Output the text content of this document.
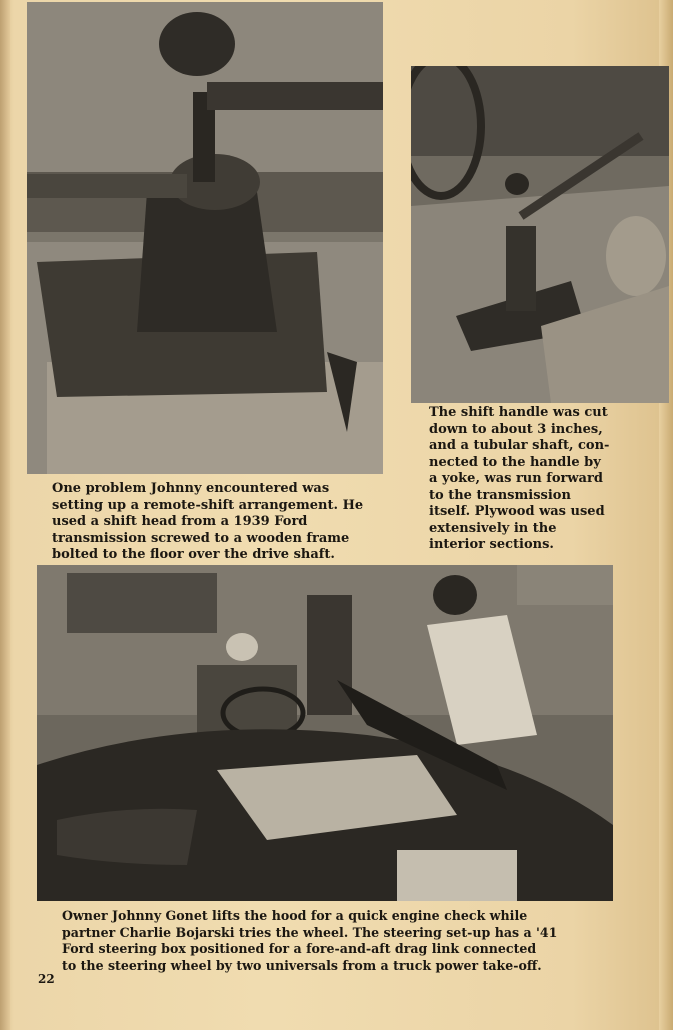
One problem Johnny encountered was
setting up a remote-shift arrangement. He
used a shift head from a 1939 Ford
transmission screwed to a wooden frame
bolted to the floor over the drive shaft.
The shift handle was cut
down to about 3 inches,
and a tubular shaft, con-
nected to the handle by
a yoke, was run forward
to the transmission
itself. Plywood was used
extensively in the
interior sections.
Owner Johnny Gonet lifts the hood for a quick engine check while
partner Charlie Bojarski tries the wheel. The steering set-up has a '41
Ford steering box positioned for a fore-and-aft drag link connected
to the steering wheel by two universals from a truck power take-off.
22
